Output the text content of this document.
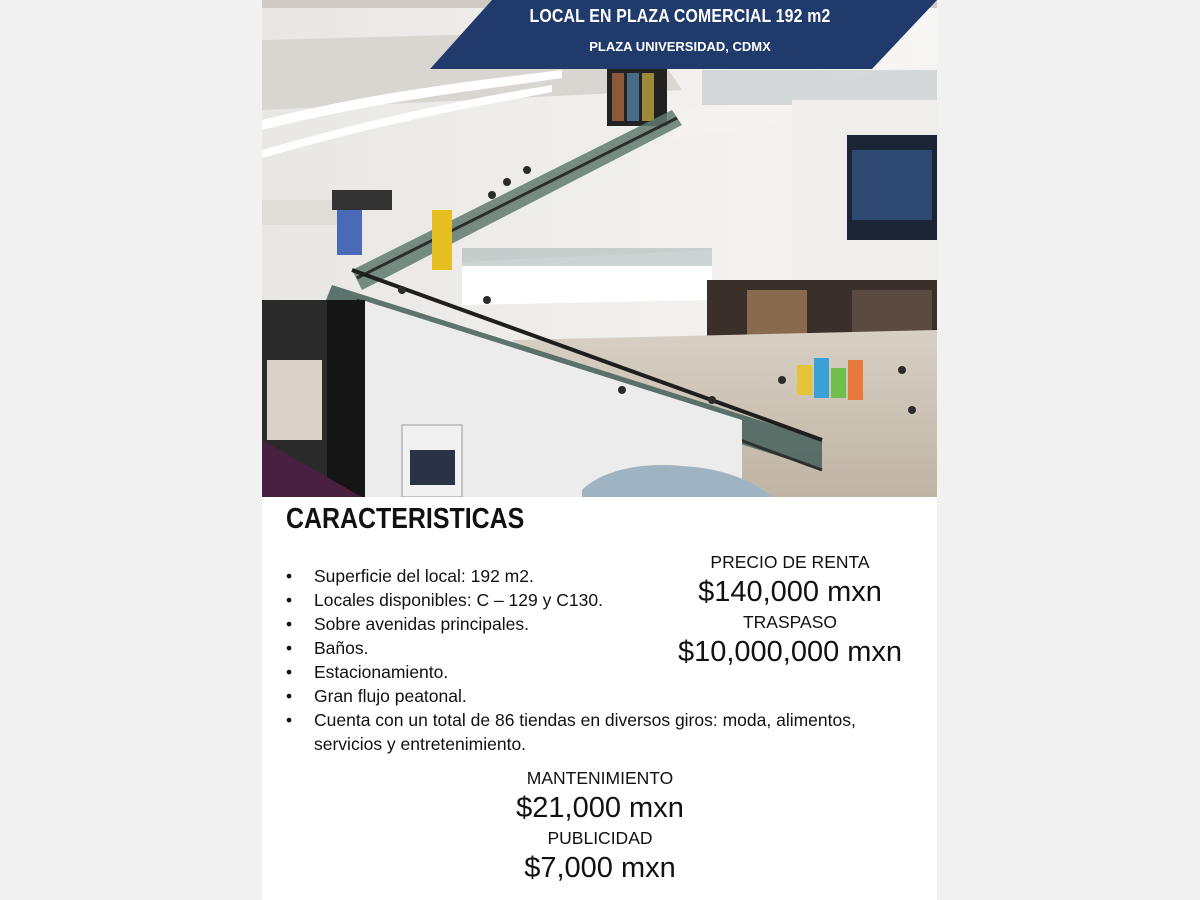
LOCAL EN PLAZA COMERCIAL 192 m2
PLAZA UNIVERSIDAD, CDMX
CARACTERISTICAS
• Superficie del local: 192 m2.
• Locales disponibles: C – 129 y C130.
• Sobre avenidas principales.
• Baños.
• Estacionamiento.
• Gran flujo peatonal.
• Cuenta con un total de 86 tiendas en diversos giros: moda, alimentos, servicios y entretenimiento.
PRECIO DE RENTA
$140,000 mxn
TRASPASO
$10,000,000 mxn
MANTENIMIENTO
$21,000 mxn
PUBLICIDAD
$7,000 mxn
